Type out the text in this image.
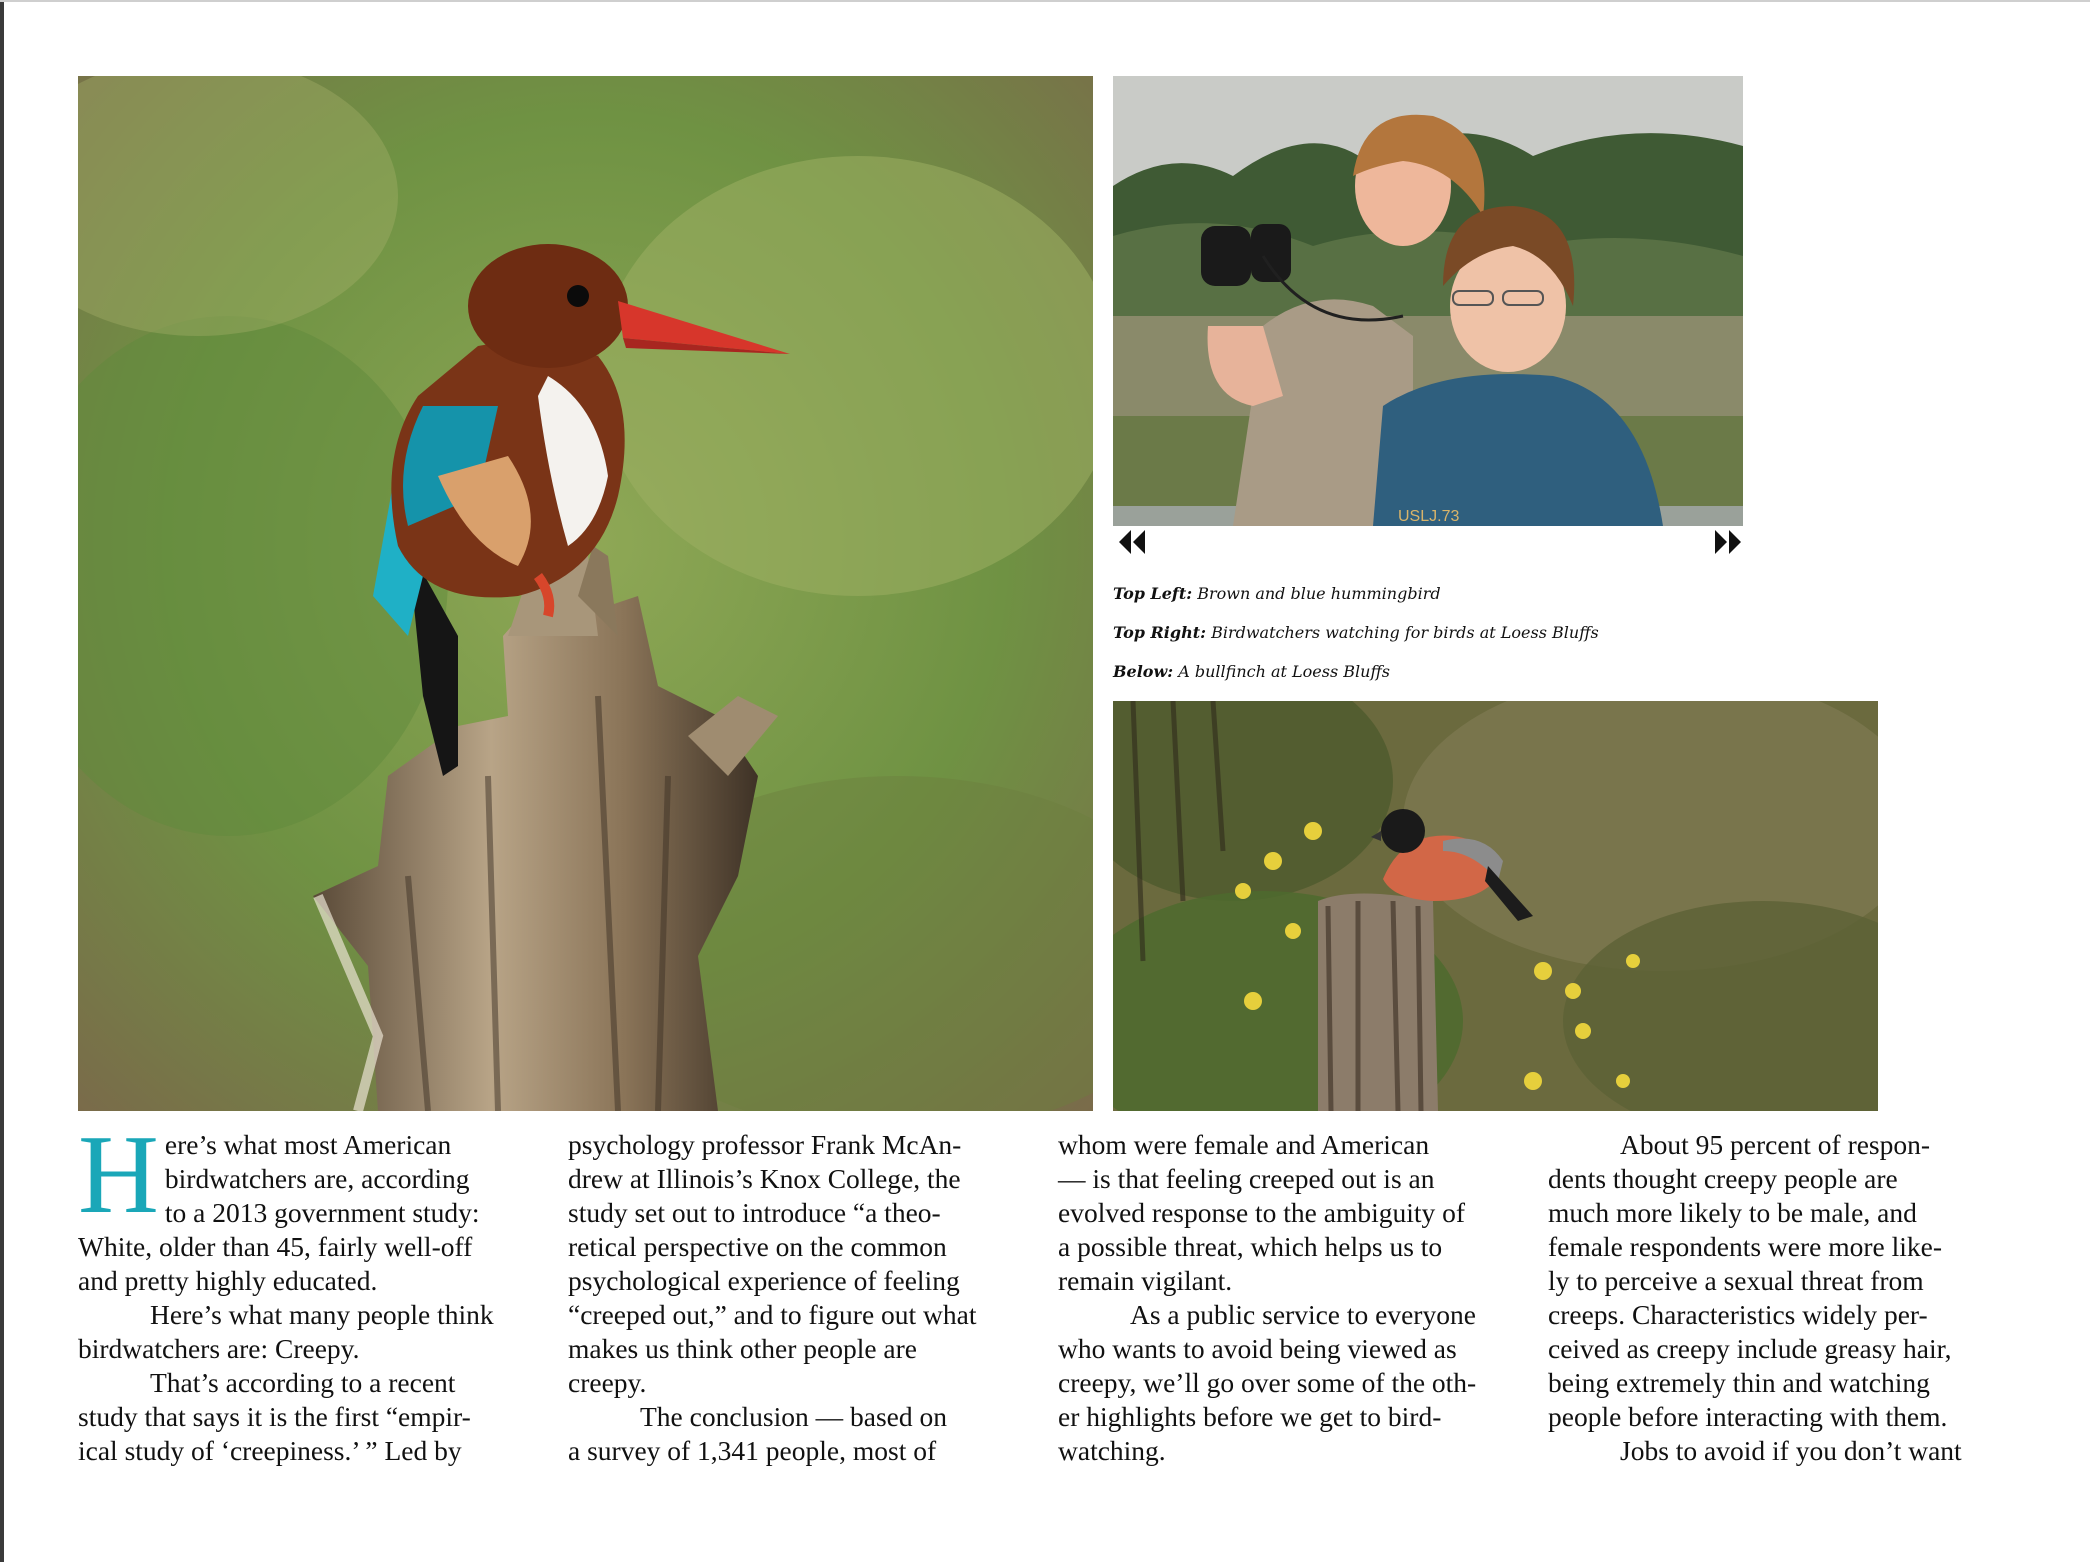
USLJ.73
Top Left: Brown and blue hummingbird
Top Right: Birdwatchers watching for birds at Loess Bluffs
Below: A bullfinch at Loess Bluffs

H ere’s what most American
birdwatchers are, according
to a 2013 government study:
White, older than 45, fairly well-off
and pretty highly educated.

Here’s what many people think
birdwatchers are: Creepy.

That’s according to a recent
study that says it is the first “empir-
ical study of ‘creepiness.’ ” Led by

psychology professor Frank McAn-
drew at Illinois’s Knox College, the
study set out to introduce “a theo-
retical perspective on the common
psychological experience of feeling
“creeped out,” and to figure out what
makes us think other people are
creepy.

The conclusion — based on
a survey of 1,341 people, most of

whom were female and American
— is that feeling creeped out is an
evolved response to the ambiguity of
a possible threat, which helps us to
remain vigilant.

As a public service to everyone
who wants to avoid being viewed as
creepy, we’ll go over some of the oth-
er highlights before we get to bird-
watching.

About 95 percent of respon-
dents thought creepy people are
much more likely to be male, and
female respondents were more like-
ly to perceive a sexual threat from
creeps. Characteristics widely per-
ceived as creepy include greasy hair,
being extremely thin and watching
people before interacting with them.

Jobs to avoid if you don’t want
